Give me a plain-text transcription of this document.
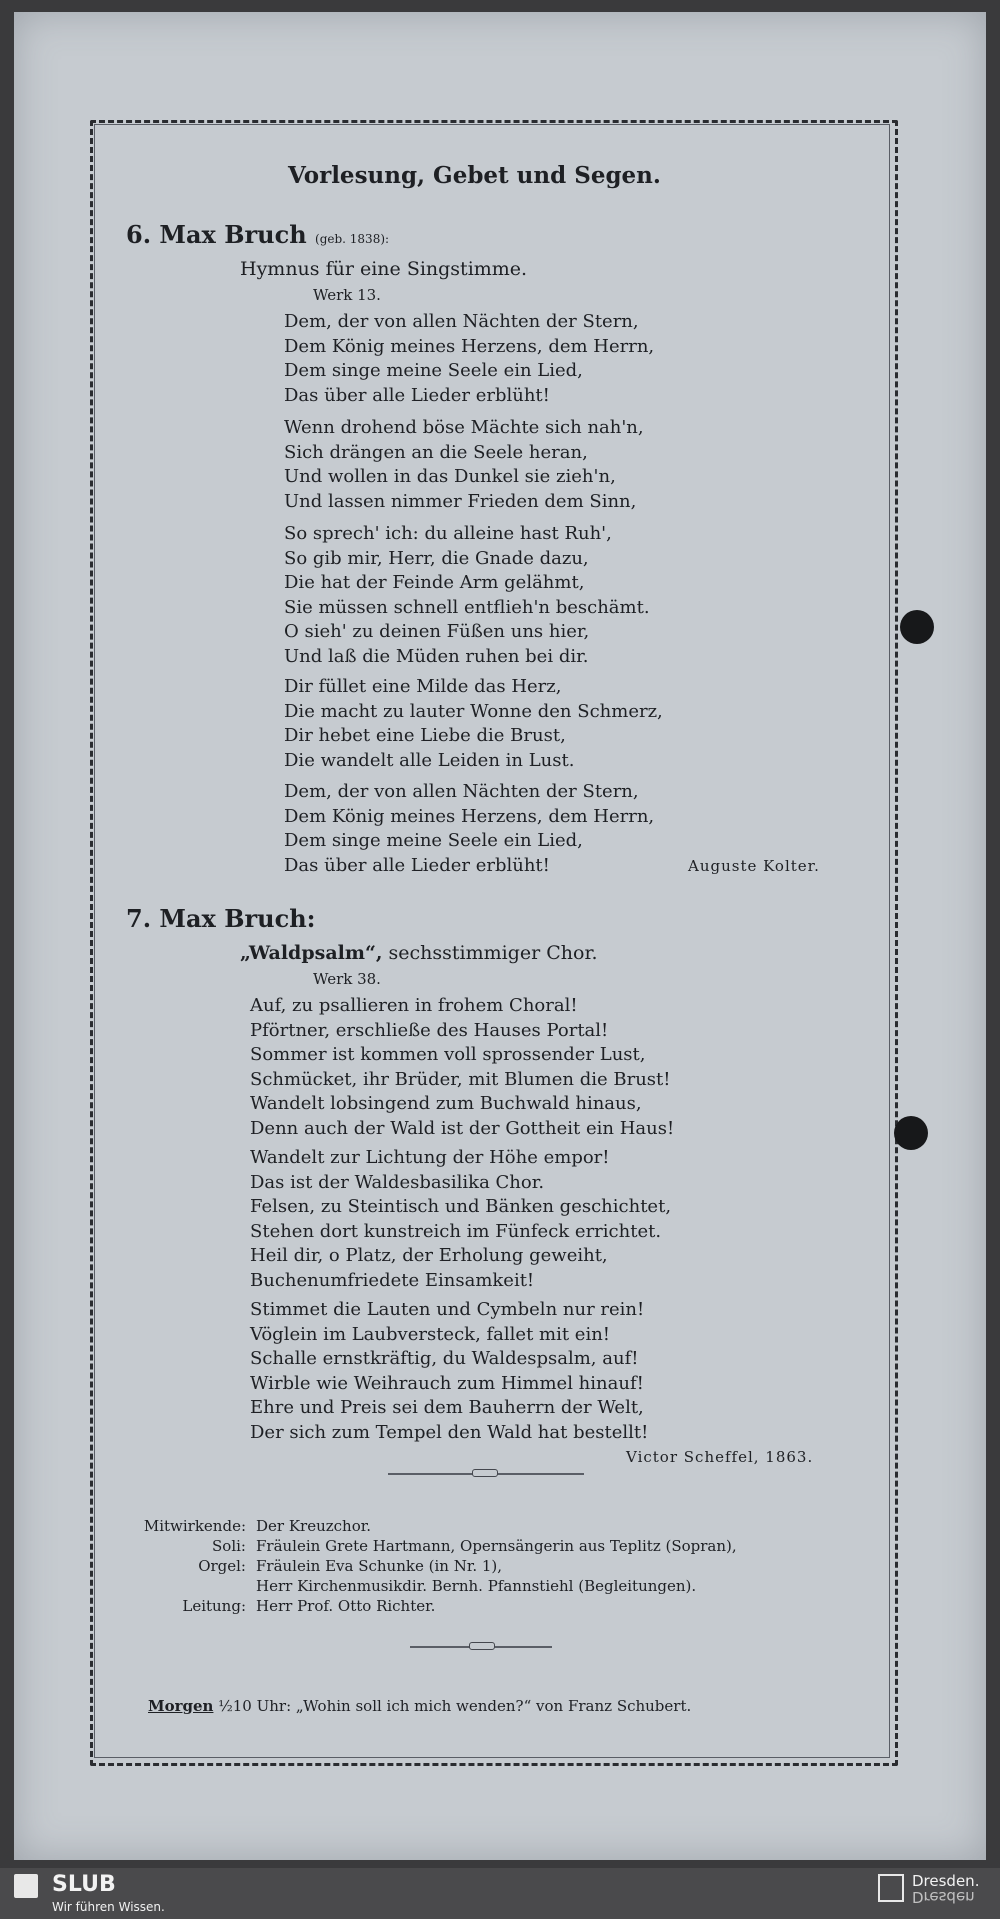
Vorlesung, Gebet und Segen.
6. Max Bruch (geb. 1838):
Hymnus für eine Singstimme.
Werk 13.
Dem, der von allen Nächten der Stern,
Dem König meines Herzens, dem Herrn,
Dem singe meine Seele ein Lied,
Das über alle Lieder erblüht!
Wenn drohend böse Mächte sich nah'n,
Sich drängen an die Seele heran,
Und wollen in das Dunkel sie zieh'n,
Und lassen nimmer Frieden dem Sinn,
So sprech' ich: du alleine hast Ruh',
So gib mir, Herr, die Gnade dazu,
Die hat der Feinde Arm gelähmt,
Sie müssen schnell entflieh'n beschämt.
O sieh' zu deinen Füßen uns hier,
Und laß die Müden ruhen bei dir.
Dir füllet eine Milde das Herz,
Die macht zu lauter Wonne den Schmerz,
Dir hebet eine Liebe die Brust,
Die wandelt alle Leiden in Lust.
Dem, der von allen Nächten der Stern,
Dem König meines Herzens, dem Herrn,
Dem singe meine Seele ein Lied,
Das über alle Lieder erblüht!	Auguste Kolter.
7. Max Bruch:
„Waldpsalm“, sechsstimmiger Chor.
Werk 38.
Auf, zu psallieren in frohem Choral!
Pförtner, erschließe des Hauses Portal!
Sommer ist kommen voll sprossender Lust,
Schmücket, ihr Brüder, mit Blumen die Brust!
Wandelt lobsingend zum Buchwald hinaus,
Denn auch der Wald ist der Gottheit ein Haus!
Wandelt zur Lichtung der Höhe empor!
Das ist der Waldesbasilika Chor.
Felsen, zu Steintisch und Bänken geschichtet,
Stehen dort kunstreich im Fünfeck errichtet.
Heil dir, o Platz, der Erholung geweiht,
Buchenumfriedete Einsamkeit!
Stimmet die Lauten und Cymbeln nur rein!
Vöglein im Laubversteck, fallet mit ein!
Schalle ernstkräftig, du Waldespsalm, auf!
Wirble wie Weihrauch zum Himmel hinauf!
Ehre und Preis sei dem Bauherrn der Welt,
Der sich zum Tempel den Wald hat bestellt!
Victor Scheffel, 1863.
Mitwirkende: Der Kreuzchor.
Soli: Fräulein Grete Hartmann, Opernsängerin aus Teplitz (Sopran),
Orgel: Fräulein Eva Schunke (in Nr. 1),
Herr Kirchenmusikdir. Bernh. Pfannstiehl (Begleitungen).
Leitung: Herr Prof. Otto Richter.
Morgen ½10 Uhr: „Wohin soll ich mich wenden?“ von Franz Schubert.
SLUB
Wir führen Wissen.
Dresden.
Dresden
